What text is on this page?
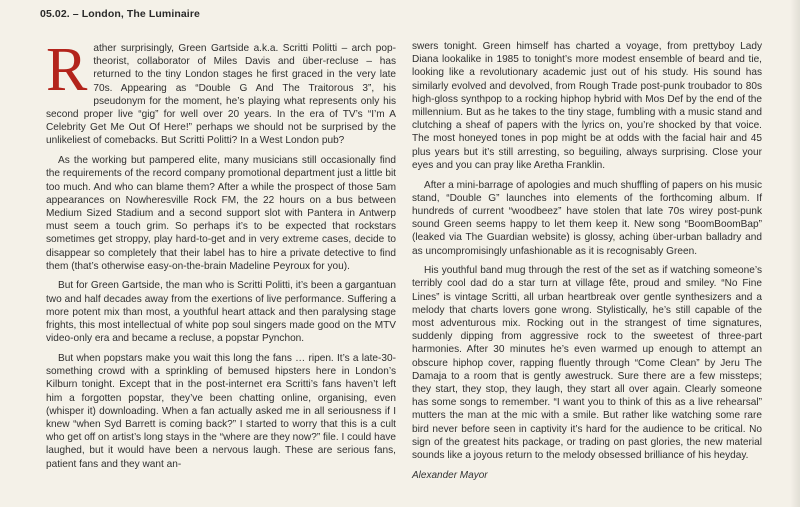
05.02. – London, The Luminaire

Rather surprisingly, Green Gartside a.k.a. Scritti Politti – arch pop-theorist, collaborator of Miles Davis and über-recluse – has returned to the tiny London stages he first graced in the very late 70s. Appearing as “Double G And The Traitorous 3”, his pseudonym for the moment, he’s playing what represents only his second proper live “gig” for well over 20 years. In the era of TV’s “I’m A Celebrity Get Me Out Of Here!” perhaps we should not be surprised by the unlikeliest of comebacks. But Scritti Politti? In a West London pub?

As the working but pampered elite, many musicians still occasionally find the requirements of the record company promotional department just a little bit too much. And who can blame them? After a while the prospect of those 5am appearances on Nowheresville Rock FM, the 22 hours on a bus between Medium Sized Stadium and a second support slot with Pantera in Antwerp must seem a touch grim. So perhaps it’s to be expected that rockstars sometimes get stroppy, play hard-to-get and in very extreme cases, decide to disappear so completely that their label has to hire a private detective to find them (that’s otherwise easy-on-the-brain Madeline Peyroux for you).

But for Green Gartside, the man who is Scritti Politti, it’s been a gargantuan two and half decades away from the exertions of live performance. Suffering a more potent mix than most, a youthful heart attack and then paralysing stage frights, this most intellectual of white pop soul singers made good on the MTV video-only era and became a recluse, a popstar Pynchon.

But when popstars make you wait this long the fans … ripen. It’s a late-30-something crowd with a sprinkling of bemused hipsters here in London’s Kilburn tonight. Except that in the post-internet era Scritti’s fans haven’t left him a forgotten popstar, they’ve been chatting online, organising, even (whisper it) downloading. When a fan actually asked me in all seriousness if I knew “when Syd Barrett is coming back?” I started to worry that this is a cult who get off on artist’s long stays in the “where are they now?” file. I could have laughed, but it would have been a nervous laugh. These are serious fans, patient fans and they want an-

swers tonight. Green himself has charted a voyage, from prettyboy Lady Diana lookalike in 1985 to tonight’s more modest ensemble of beard and tie, looking like a revolutionary academic just out of his study. His sound has similarly evolved and devolved, from Rough Trade post-punk troubador to 80s high-gloss synthpop to a rocking hiphop hybrid with Mos Def by the end of the millennium. But as he takes to the tiny stage, fumbling with a music stand and clutching a sheaf of papers with the lyrics on, you’re shocked by that voice. The most honeyed tones in pop might be at odds with the facial hair and 45 plus years but it’s still arresting, so beguiling, always surprising. Close your eyes and you can pray like Aretha Franklin.

After a mini-barrage of apologies and much shuffling of papers on his music stand, “Double G” launches into elements of the forthcoming album. If hundreds of current “woodbeez” have stolen that late 70s wirey post-punk sound Green seems happy to let them keep it. New song “BoomBoomBap” (leaked via The Guardian website) is glossy, aching über-urban balladry and as uncompromisingly unfashionable as it is recognisably Green.

His youthful band mug through the rest of the set as if watching someone’s terribly cool dad do a star turn at village fête, proud and smiley. “No Fine Lines” is vintage Scritti, all urban heartbreak over gentle synthesizers and a melody that charts lovers gone wrong. Stylistically, he’s still capable of the most adventurous mix. Rocking out in the strangest of time signatures, suddenly dipping from aggressive rock to the sweetest of three-part harmonies. After 30 minutes he’s even warmed up enough to attempt an obscure hiphop cover, rapping fluently through “Come Clean” by Jeru The Damaja to a room that is gently awestruck. Sure there are a few missteps; they start, they stop, they laugh, they start all over again. Clearly someone has some songs to remember. “I want you to think of this as a live rehearsal” mutters the man at the mic with a smile. But rather like watching some rare bird never before seen in captivity it’s hard for the audience to be critical. No sign of the greatest hits package, or trading on past glories, the new material sounds like a joyous return to the melody obsessed brilliance of his heyday.

Alexander Mayor
